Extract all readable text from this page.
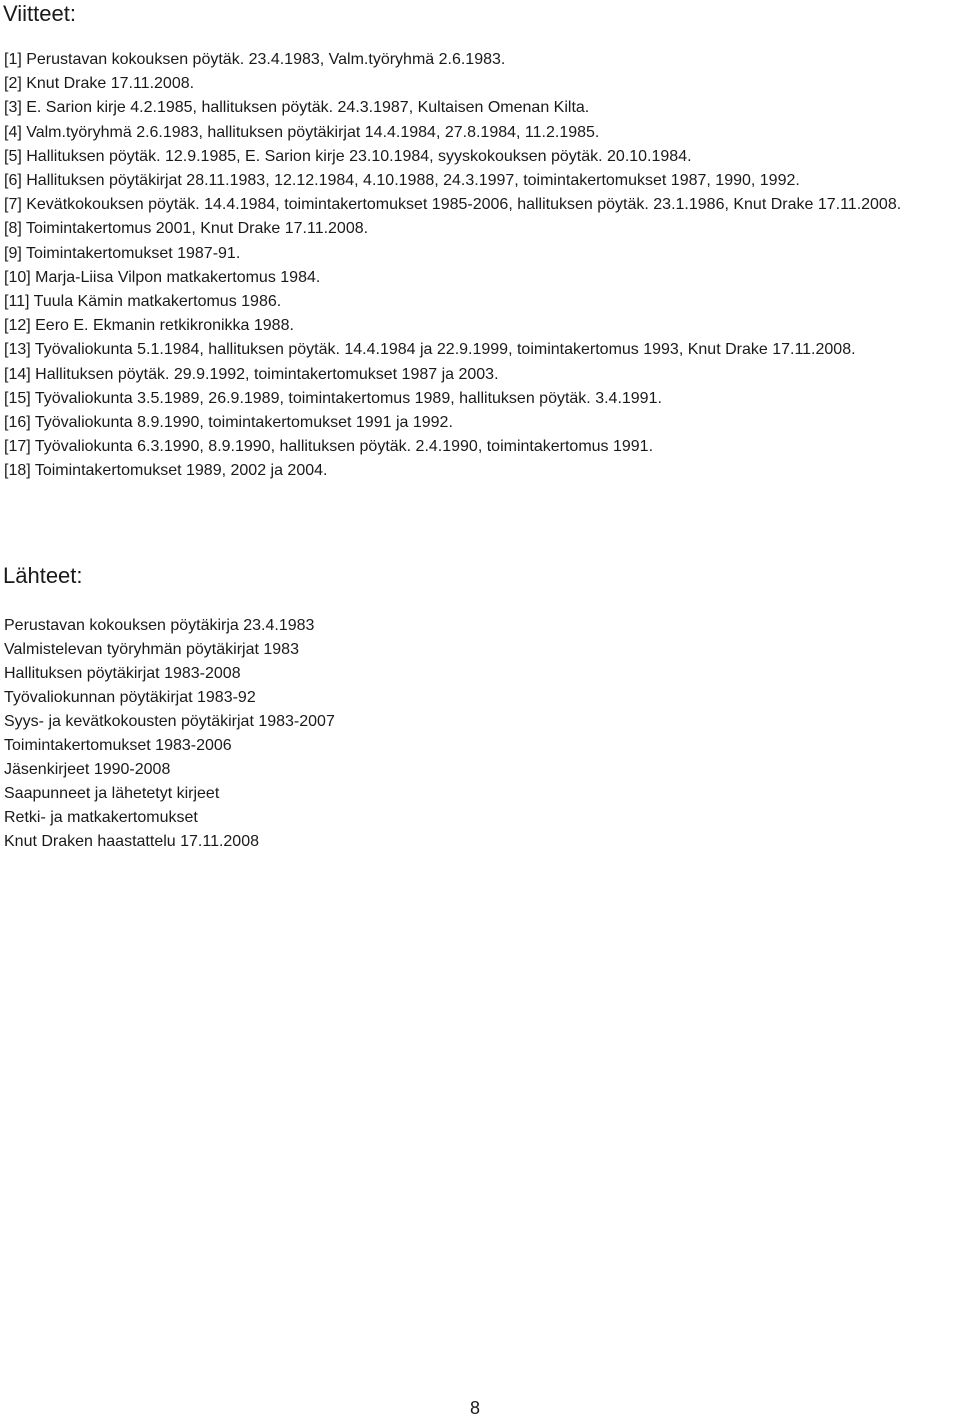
Viitteet:
[1] Perustavan kokouksen pöytäk. 23.4.1983, Valm.työryhmä 2.6.1983.
[2] Knut Drake 17.11.2008.
[3] E. Sarion kirje 4.2.1985, hallituksen pöytäk. 24.3.1987, Kultaisen Omenan Kilta.
[4] Valm.työryhmä 2.6.1983, hallituksen pöytäkirjat 14.4.1984, 27.8.1984, 11.2.1985.
[5] Hallituksen pöytäk. 12.9.1985, E. Sarion kirje 23.10.1984, syyskokouksen pöytäk. 20.10.1984.
[6] Hallituksen pöytäkirjat 28.11.1983, 12.12.1984, 4.10.1988, 24.3.1997, toimintakertomukset 1987, 1990, 1992.
[7] Kevätkokouksen pöytäk. 14.4.1984, toimintakertomukset 1985-2006, hallituksen pöytäk. 23.1.1986, Knut Drake 17.11.2008.
[8] Toimintakertomus 2001, Knut Drake 17.11.2008.
[9] Toimintakertomukset 1987-91.
[10] Marja-Liisa Vilpon matkakertomus 1984.
[11] Tuula Kämin matkakertomus 1986.
[12] Eero E. Ekmanin retkikronikka 1988.
[13] Työvaliokunta 5.1.1984, hallituksen pöytäk. 14.4.1984 ja 22.9.1999, toimintakertomus 1993, Knut Drake 17.11.2008.
[14] Hallituksen pöytäk. 29.9.1992, toimintakertomukset 1987 ja 2003.
[15] Työvaliokunta 3.5.1989, 26.9.1989, toimintakertomus 1989, hallituksen pöytäk. 3.4.1991.
[16] Työvaliokunta 8.9.1990, toimintakertomukset 1991 ja 1992.
[17] Työvaliokunta 6.3.1990, 8.9.1990, hallituksen pöytäk. 2.4.1990, toimintakertomus 1991.
[18] Toimintakertomukset 1989, 2002 ja 2004.
Lähteet:
Perustavan kokouksen pöytäkirja 23.4.1983
Valmistelevan työryhmän pöytäkirjat 1983
Hallituksen pöytäkirjat 1983-2008
Työvaliokunnan pöytäkirjat 1983-92
Syys- ja kevätkokousten pöytäkirjat 1983-2007
Toimintakertomukset 1983-2006
Jäsenkirjeet 1990-2008
Saapunneet ja lähetetyt kirjeet
Retki- ja matkakertomukset
Knut Draken haastattelu 17.11.2008
8
